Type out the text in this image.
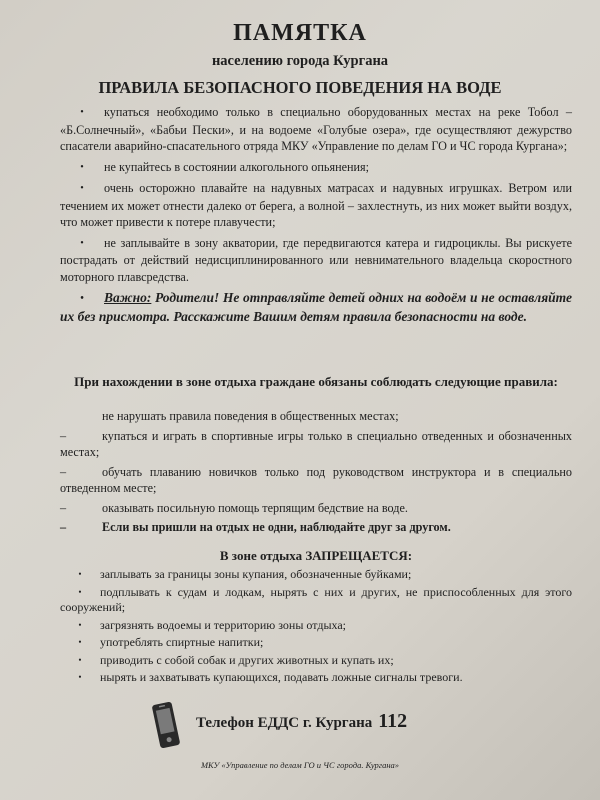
ПАМЯТКА
населению города Кургана
ПРАВИЛА БЕЗОПАСНОГО ПОВЕДЕНИЯ НА ВОДЕ

• купаться необходимо только в специально оборудованных местах на реке Тобол – «Б.Солнечный», «Бабьи Пески», и на водоеме «Голубые озера», где осуществляют дежурство спасатели аварийно-спасательного отряда МКУ «Управление по делам ГО и ЧС города Кургана»;

• не купайтесь в состоянии алкогольного опьянения;

• очень осторожно плавайте на надувных матрасах и надувных игрушках. Ветром или течением их может отнести далеко от берега, а волной – захлестнуть, из них может выйти воздух, что может привести к потере плавучести;

• не заплывайте в зону акватории, где передвигаются катера и гидроциклы. Вы рискуете пострадать от действий недисциплинированного или невнимательного владельца скоростного моторного плавсредства.

• Важно: Родители! Не отправляйте детей одних на водоём и не оставляйте их без присмотра. Расскажите Вашим детям правила безопасности на воде.

При нахождении в зоне отдыха граждане обязаны соблюдать следующие правила:

не нарушать правила поведения в общественных местах;

–	купаться и играть в спортивные игры только в специально отведенных и обозначенных местах;

–	обучать плаванию новичков только под руководством инструктора и в специально отведенном месте;

–	оказывать посильную помощь терпящим бедствие на воде.

–	Если вы пришли на отдых не одни, наблюдайте друг за другом.

В зоне отдыха ЗАПРЕЩАЕТСЯ:

• заплывать за границы зоны купания, обозначенные буйками;

• подплывать к судам и лодкам, нырять с них и других, не приспособленных для этого сооружений;

• загрязнять водоемы и территорию зоны отдыха;

• употреблять спиртные напитки;

• приводить с собой собак и других животных и купать их;

• нырять и захватывать купающихся, подавать ложные сигналы тревоги.

Телефон ЕДДС г. Кургана 112
МКУ «Управление по делам ГО и ЧС города. Кургана»
